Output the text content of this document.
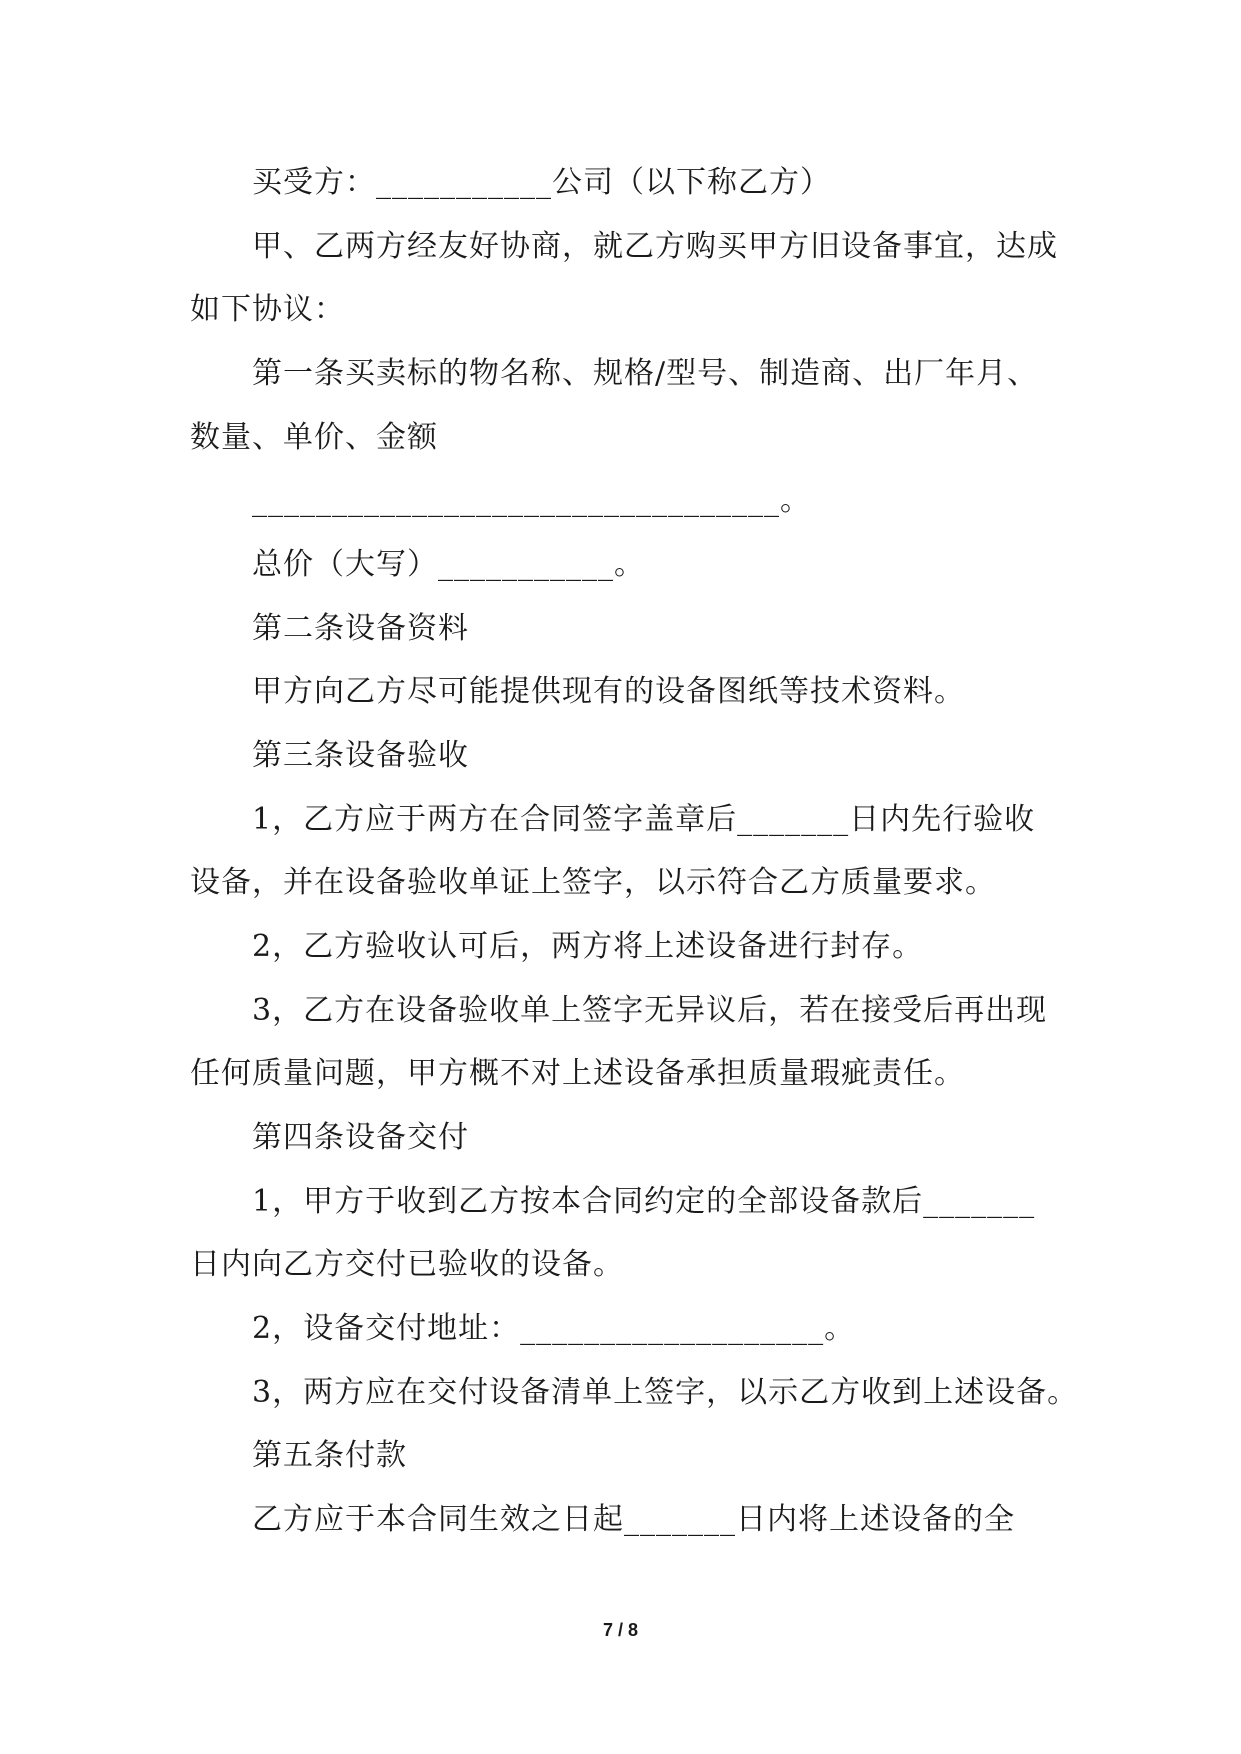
买受方：___________公司（以下称乙方）
甲、乙两方经友好协商，就乙方购买甲方旧设备事宜，达成
如下协议：
第一条买卖标的物名称、规格/型号、制造商、出厂年月、
数量、单价、金额
_________________________________。
总价（大写）___________。
第二条设备资料
甲方向乙方尽可能提供现有的设备图纸等技术资料。
第三条设备验收
1，乙方应于两方在合同签字盖章后_______日内先行验收
设备，并在设备验收单证上签字，以示符合乙方质量要求。
2，乙方验收认可后，两方将上述设备进行封存。
3，乙方在设备验收单上签字无异议后，若在接受后再出现
任何质量问题，甲方概不对上述设备承担质量瑕疵责任。
第四条设备交付
1，甲方于收到乙方按本合同约定的全部设备款后_______
日内向乙方交付已验收的设备。
2，设备交付地址：___________________。
3，两方应在交付设备清单上签字，以示乙方收到上述设备。
第五条付款
乙方应于本合同生效之日起_______日内将上述设备的全
7 / 8
